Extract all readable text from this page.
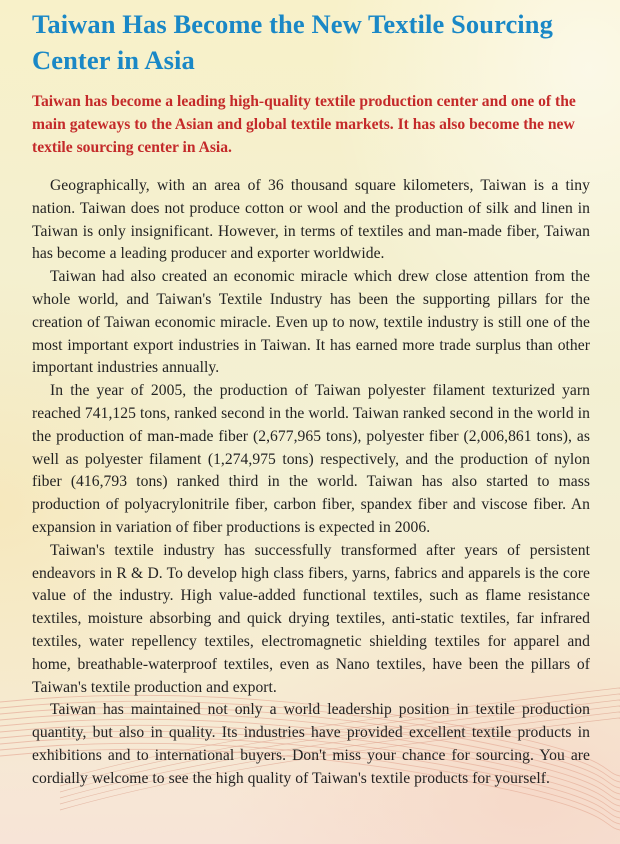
Taiwan Has Become the New Textile Sourcing Center in Asia

Taiwan has become a leading high-quality textile production center and one of the main gateways to the Asian and global textile markets. It has also become the new textile sourcing center in Asia.

Geographically, with an area of 36 thousand square kilometers, Taiwan is a tiny nation. Taiwan does not produce cotton or wool and the production of silk and linen in Taiwan is only insignificant. However, in terms of textiles and man-made fiber, Taiwan has become a leading producer and exporter worldwide.

Taiwan had also created an economic miracle which drew close attention from the whole world, and Taiwan's Textile Industry has been the supporting pillars for the creation of Taiwan economic miracle. Even up to now, textile industry is still one of the most important export industries in Taiwan. It has earned more trade surplus than other important industries annually.

In the year of 2005, the production of Taiwan polyester filament texturized yarn reached 741,125 tons, ranked second in the world. Taiwan ranked second in the world in the production of man-made fiber (2,677,965 tons), polyester fiber (2,006,861 tons), as well as polyester filament (1,274,975 tons) respectively, and the production of nylon fiber (416,793 tons) ranked third in the world. Taiwan has also started to mass production of polyacrylonitrile fiber, carbon fiber, spandex fiber and viscose fiber. An expansion in variation of fiber productions is expected in 2006.

Taiwan's textile industry has successfully transformed after years of persistent endeavors in R & D. To develop high class fibers, yarns, fabrics and apparels is the core value of the industry. High value-added functional textiles, such as flame resistance textiles, moisture absorbing and quick drying textiles, anti-static textiles, far infrared textiles, water repellency textiles, electromagnetic shielding textiles for apparel and home, breathable-waterproof textiles, even as Nano textiles, have been the pillars of Taiwan's textile production and export.

Taiwan has maintained not only a world leadership position in textile production quantity, but also in quality. Its industries have provided excellent textile products in exhibitions and to international buyers. Don't miss your chance for sourcing. You are cordially welcome to see the high quality of Taiwan's textile products for yourself.
